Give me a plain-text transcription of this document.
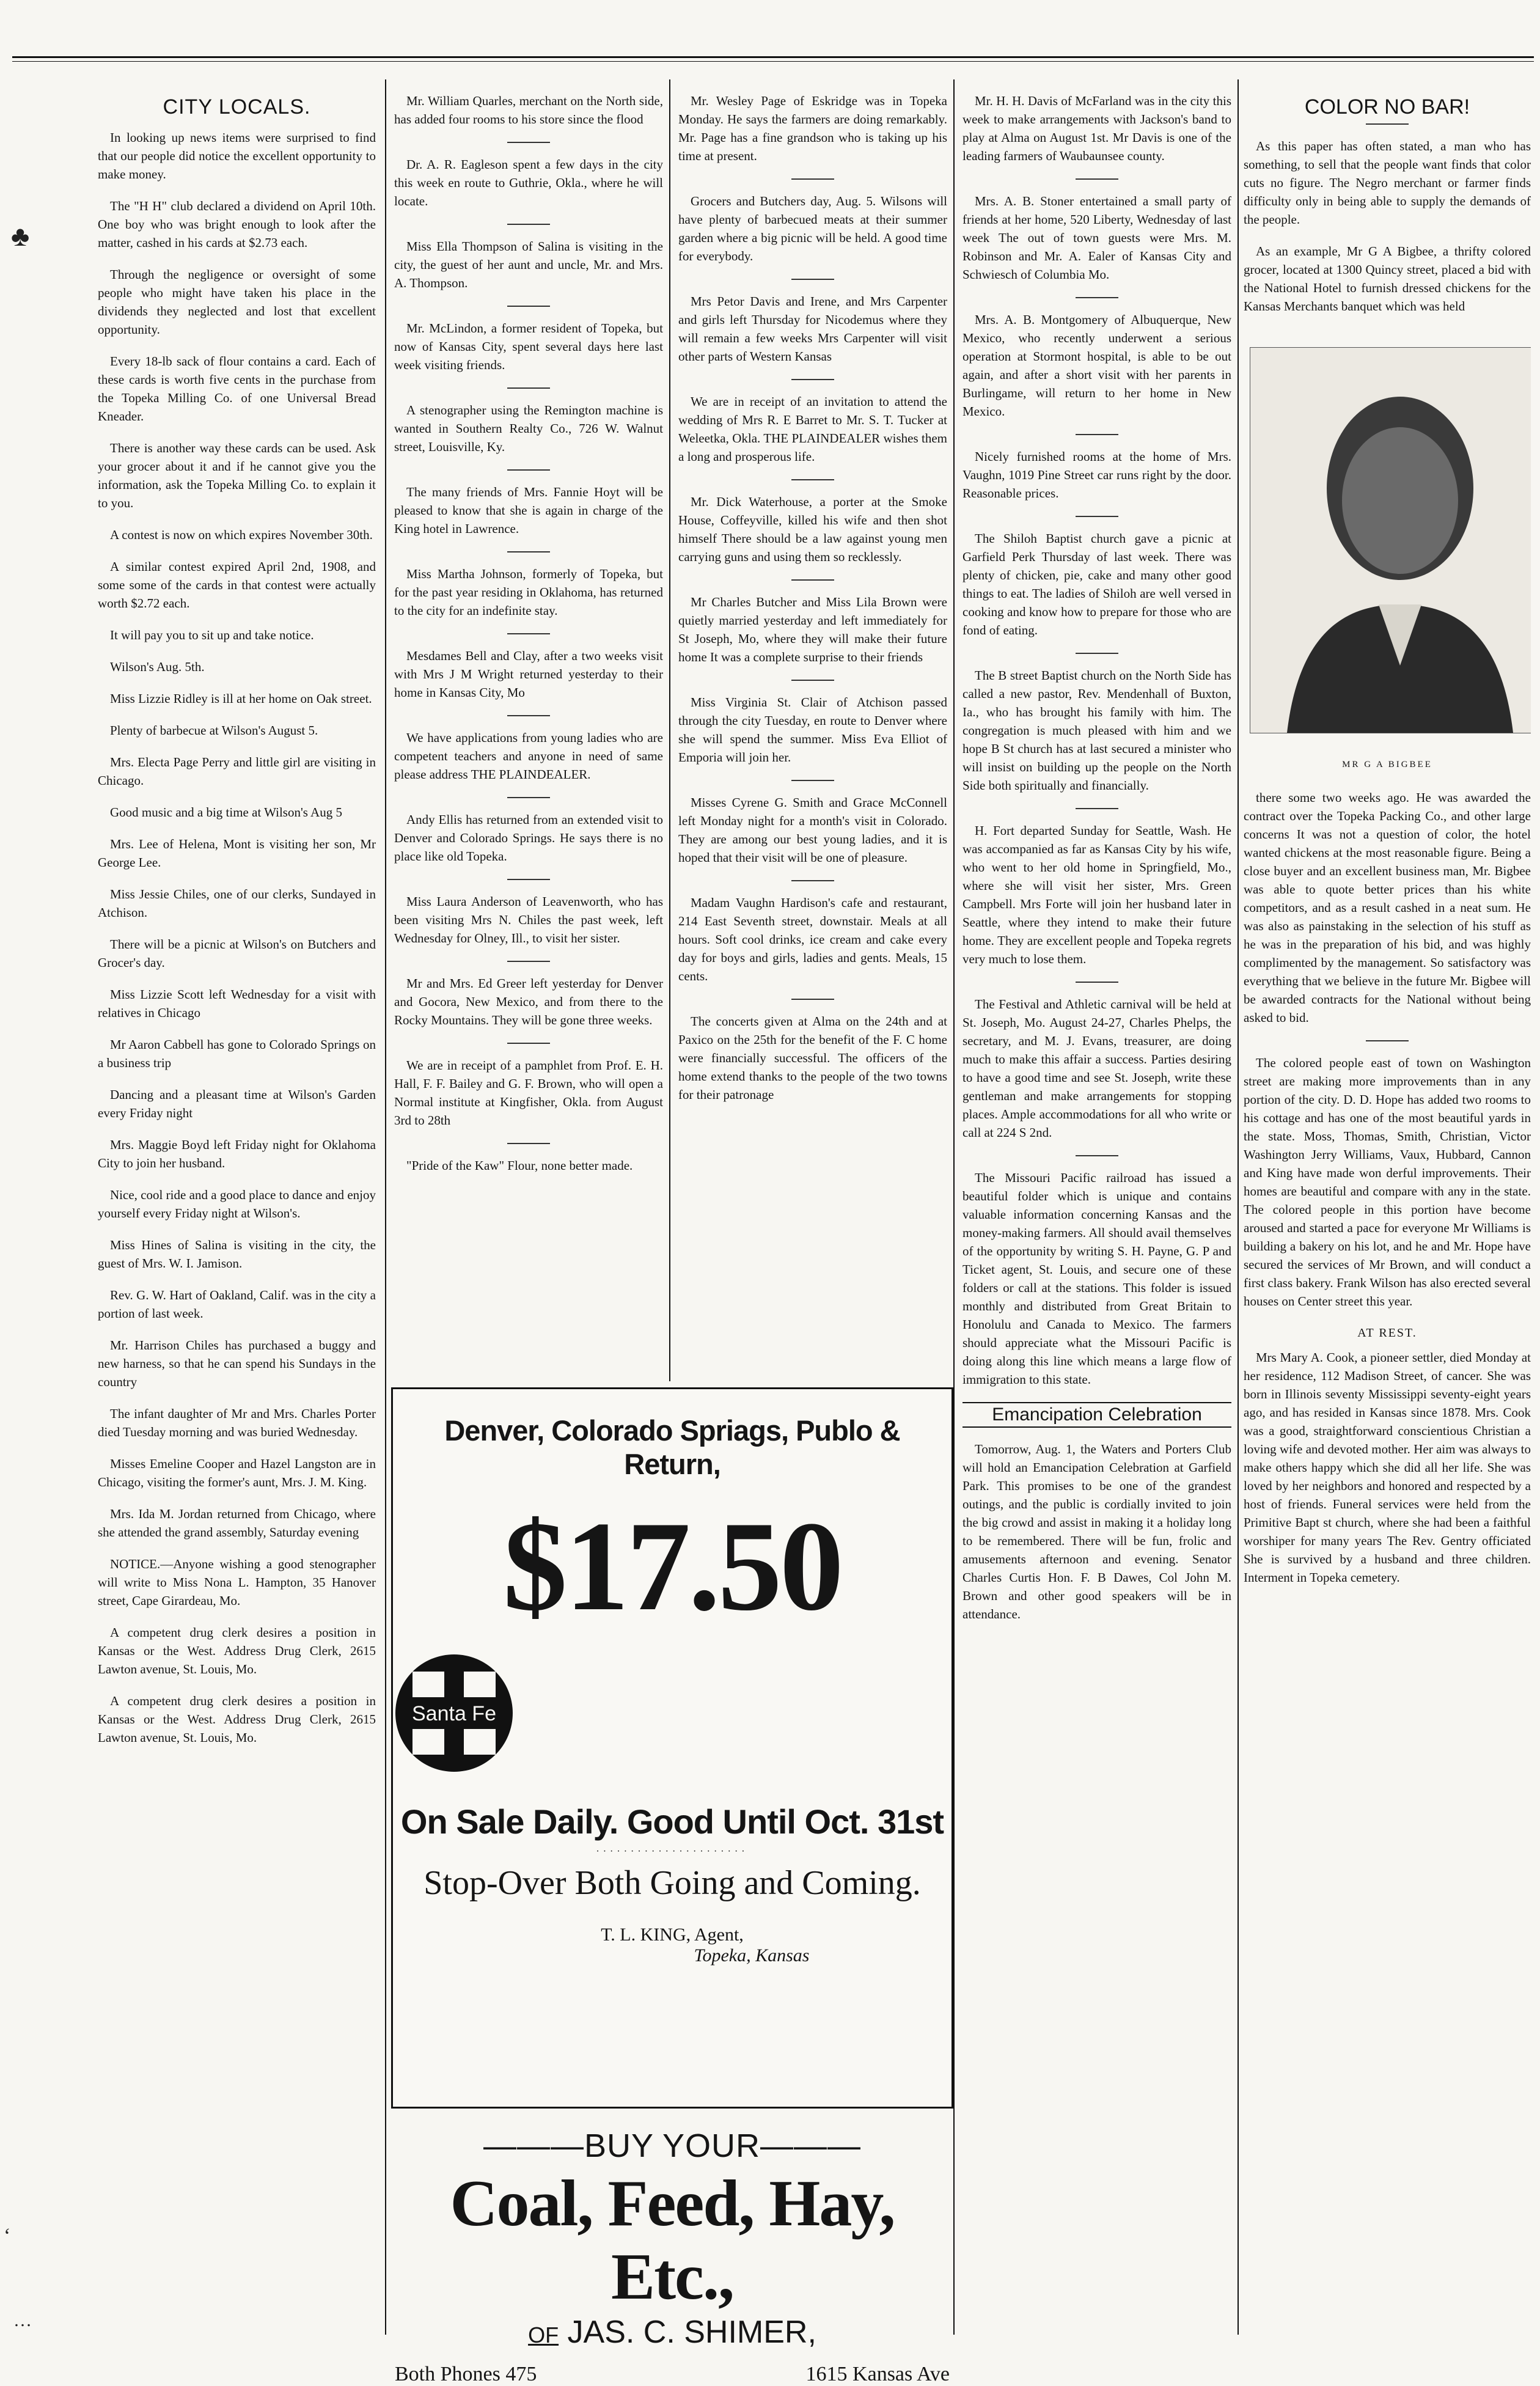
♣
‘
…
CITY LOCALS.

In looking up news items were surprised to find that our people did notice the excellent opportunity to make money.

The "H H" club declared a dividend on April 10th. One boy who was bright enough to look after the matter, cashed in his cards at $2.73 each.

Through the negligence or oversight of some people who might have taken his place in the dividends they neglected and lost that excellent opportunity.

Every 18-lb sack of flour contains a card. Each of these cards is worth five cents in the purchase from the Topeka Milling Co. of one Universal Bread Kneader.

There is another way these cards can be used. Ask your grocer about it and if he cannot give you the information, ask the Topeka Milling Co. to explain it to you.

A contest is now on which expires November 30th.

A similar contest expired April 2nd, 1908, and some some of the cards in that contest were actually worth $2.72 each.

It will pay you to sit up and take notice.

Wilson's Aug. 5th.

Miss Lizzie Ridley is ill at her home on Oak street.

Plenty of barbecue at Wilson's August 5.

Mrs. Electa Page Perry and little girl are visiting in Chicago.

Good music and a big time at Wilson's Aug 5

Mrs. Lee of Helena, Mont is visiting her son, Mr George Lee.

Miss Jessie Chiles, one of our clerks, Sundayed in Atchison.

There will be a picnic at Wilson's on Butchers and Grocer's day.

Miss Lizzie Scott left Wednesday for a visit with relatives in Chicago

Mr Aaron Cabbell has gone to Colorado Springs on a business trip

Dancing and a pleasant time at Wilson's Garden every Friday night

Mrs. Maggie Boyd left Friday night for Oklahoma City to join her husband.

Nice, cool ride and a good place to dance and enjoy yourself every Friday night at Wilson's.

Miss Hines of Salina is visiting in the city, the guest of Mrs. W. I. Jamison.

Rev. G. W. Hart of Oakland, Calif. was in the city a portion of last week.

Mr. Harrison Chiles has purchased a buggy and new harness, so that he can spend his Sundays in the country

The infant daughter of Mr and Mrs. Charles Porter died Tuesday morning and was buried Wednesday.

Misses Emeline Cooper and Hazel Langston are in Chicago, visiting the former's aunt, Mrs. J. M. King.

Mrs. Ida M. Jordan returned from Chicago, where she attended the grand assembly, Saturday evening

NOTICE.—Anyone wishing a good stenographer will write to Miss Nona L. Hampton, 35 Hanover street, Cape Girardeau, Mo.

A competent drug clerk desires a position in Kansas or the West. Address Drug Clerk, 2615 Lawton avenue, St. Louis, Mo.

A competent drug clerk desires a position in Kansas or the West. Address Drug Clerk, 2615 Lawton avenue, St. Louis, Mo.

Mr. William Quarles, merchant on the North side, has added four rooms to his store since the flood

Dr. A. R. Eagleson spent a few days in the city this week en route to Guthrie, Okla., where he will locate.

Miss Ella Thompson of Salina is visiting in the city, the guest of her aunt and uncle, Mr. and Mrs. A. Thompson.

Mr. McLindon, a former resident of Topeka, but now of Kansas City, spent several days here last week visiting friends.

A stenographer using the Remington machine is wanted in Southern Realty Co., 726 W. Walnut street, Louisville, Ky.

The many friends of Mrs. Fannie Hoyt will be pleased to know that she is again in charge of the King hotel in Lawrence.

Miss Martha Johnson, formerly of Topeka, but for the past year residing in Oklahoma, has returned to the city for an indefinite stay.

Mesdames Bell and Clay, after a two weeks visit with Mrs J M Wright returned yesterday to their home in Kansas City, Mo

We have applications from young ladies who are competent teachers and anyone in need of same please address THE PLAINDEALER.

Andy Ellis has returned from an extended visit to Denver and Colorado Springs. He says there is no place like old Topeka.

Miss Laura Anderson of Leavenworth, who has been visiting Mrs N. Chiles the past week, left Wednesday for Olney, Ill., to visit her sister.

Mr and Mrs. Ed Greer left yesterday for Denver and Gocora, New Mexico, and from there to the Rocky Mountains. They will be gone three weeks.

We are in receipt of a pamphlet from Prof. E. H. Hall, F. F. Bailey and G. F. Brown, who will open a Normal institute at Kingfisher, Okla. from August 3rd to 28th

"Pride of the Kaw" Flour, none better made.

Mr. Wesley Page of Eskridge was in Topeka Monday. He says the farmers are doing remarkably. Mr. Page has a fine grandson who is taking up his time at present.

Grocers and Butchers day, Aug. 5. Wilsons will have plenty of barbecued meats at their summer garden where a big picnic will be held. A good time for everybody.

Mrs Petor Davis and Irene, and Mrs Carpenter and girls left Thursday for Nicodemus where they will remain a few weeks Mrs Carpenter will visit other parts of Western Kansas

We are in receipt of an invitation to attend the wedding of Mrs R. E Barret to Mr. S. T. Tucker at Weleetka, Okla. THE PLAINDEALER wishes them a long and prosperous life.

Mr. Dick Waterhouse, a porter at the Smoke House, Coffeyville, killed his wife and then shot himself There should be a law against young men carrying guns and using them so recklessly.

Mr Charles Butcher and Miss Lila Brown were quietly married yesterday and left immediately for St Joseph, Mo, where they will make their future home It was a complete surprise to their friends

Miss Virginia St. Clair of Atchison passed through the city Tuesday, en route to Denver where she will spend the summer. Miss Eva Elliot of Emporia will join her.

Misses Cyrene G. Smith and Grace McConnell left Monday night for a month's visit in Colorado. They are among our best young ladies, and it is hoped that their visit will be one of pleasure.

Madam Vaughn Hardison's cafe and restaurant, 214 East Seventh street, downstair. Meals at all hours. Soft cool drinks, ice cream and cake every day for boys and girls, ladies and gents. Meals, 15 cents.

The concerts given at Alma on the 24th and at Paxico on the 25th for the benefit of the F. C home were financially successful. The officers of the home extend thanks to the people of the two towns for their patronage

Denver, Colorado Spriags, Publo & Return,
$17.50
Santa Fe
On Sale Daily. Good Until Oct. 31st
······················
Stop-Over Both Going and Coming.
T. L. KING, Agent,
Topeka, Kansas
———BUY YOUR———
Coal, Feed, Hay, Etc.,
OF JAS. C. SHIMER,
Both Phones 475	1615 Kansas Ave

Mr. H. H. Davis of McFarland was in the city this week to make arrangements with Jackson's band to play at Alma on August 1st. Mr Davis is one of the leading farmers of Waubaunsee county.

Mrs. A. B. Stoner entertained a small party of friends at her home, 520 Liberty, Wednesday of last week The out of town guests were Mrs. M. Robinson and Mr. A. Ealer of Kansas City and Schwiesch of Columbia Mo.

Mrs. A. B. Montgomery of Albuquerque, New Mexico, who recently underwent a serious operation at Stormont hospital, is able to be out again, and after a short visit with her parents in Burlingame, will return to her home in New Mexico.

Nicely furnished rooms at the home of Mrs. Vaughn, 1019 Pine Street car runs right by the door. Reasonable prices.

The Shiloh Baptist church gave a picnic at Garfield Perk Thursday of last week. There was plenty of chicken, pie, cake and many other good things to eat. The ladies of Shiloh are well versed in cooking and know how to prepare for those who are fond of eating.

The B street Baptist church on the North Side has called a new pastor, Rev. Mendenhall of Buxton, Ia., who has brought his family with him. The congregation is much pleased with him and we hope B St church has at last secured a minister who will insist on building up the people on the North Side both spiritually and financially.

H. Fort departed Sunday for Seattle, Wash. He was accompanied as far as Kansas City by his wife, who went to her old home in Springfield, Mo., where she will visit her sister, Mrs. Green Campbell. Mrs Forte will join her husband later in Seattle, where they intend to make their future home. They are excellent people and Topeka regrets very much to lose them.

The Festival and Athletic carnival will be held at St. Joseph, Mo. August 24-27, Charles Phelps, the secretary, and M. J. Evans, treasurer, are doing much to make this affair a success. Parties desiring to have a good time and see St. Joseph, write these gentleman and make arrangements for stopping places. Ample accommodations for all who write or call at 224 S 2nd.

The Missouri Pacific railroad has issued a beautiful folder which is unique and contains valuable information concerning Kansas and the money-making farmers. All should avail themselves of the opportunity by writing S. H. Payne, G. P and Ticket agent, St. Louis, and secure one of these folders or call at the stations. This folder is issued monthly and distributed from Great Britain to Honolulu and Canada to Mexico. The farmers should appreciate what the Missouri Pacific is doing along this line which means a large flow of immigration to this state.

Emancipation Celebration

Tomorrow, Aug. 1, the Waters and Porters Club will hold an Emancipation Celebration at Garfield Park. This promises to be one of the grandest outings, and the public is cordially invited to join the big crowd and assist in making it a holiday long to be remembered. There will be fun, frolic and amusements afternoon and evening. Senator Charles Curtis Hon. F. B Dawes, Col John M. Brown and other good speakers will be in attendance.

COLOR NO BAR!

As this paper has often stated, a man who has something, to sell that the people want finds that color cuts no figure. The Negro merchant or farmer finds difficulty only in being able to supply the demands of the people.

As an example, Mr G A Bigbee, a thrifty colored grocer, located at 1300 Quincy street, placed a bid with the National Hotel to furnish dressed chickens for the Kansas Merchants banquet which was held

MR G A BIGBEE

there some two weeks ago. He was awarded the contract over the Topeka Packing Co., and other large concerns It was not a question of color, the hotel wanted chickens at the most reasonable figure. Being a close buyer and an excellent business man, Mr. Bigbee was able to quote better prices than his white competitors, and as a result cashed in a neat sum. He was also as painstaking in the selection of his stuff as he was in the preparation of his bid, and was highly complimented by the management. So satisfactory was everything that we believe in the future Mr. Bigbee will be awarded contracts for the National without being asked to bid.

The colored people east of town on Washington street are making more improvements than in any portion of the city. D. D. Hope has added two rooms to his cottage and has one of the most beautiful yards in the state. Moss, Thomas, Smith, Christian, Victor Washington Jerry Williams, Vaux, Hubbard, Cannon and King have made won derful improvements. Their homes are beautiful and compare with any in the state. The colored people in this portion have become aroused and started a pace for everyone Mr Williams is building a bakery on his lot, and he and Mr. Hope have secured the services of Mr Brown, and will conduct a first class bakery. Frank Wilson has also erected several houses on Center street this year.

AT REST.

Mrs Mary A. Cook, a pioneer settler, died Monday at her residence, 112 Madison Street, of cancer. She was born in Illinois seventy Mississippi seventy-eight years ago, and has resided in Kansas since 1878. Mrs. Cook was a good, straightforward conscientious Christian a loving wife and devoted mother. Her aim was always to make others happy which she did all her life. She was loved by her neighbors and honored and respected by a host of friends. Funeral services were held from the Primitive Bapt st church, where she had been a faithful worshiper for many years The Rev. Gentry officiated She is survived by a husband and three children. Interment in Topeka cemetery.
